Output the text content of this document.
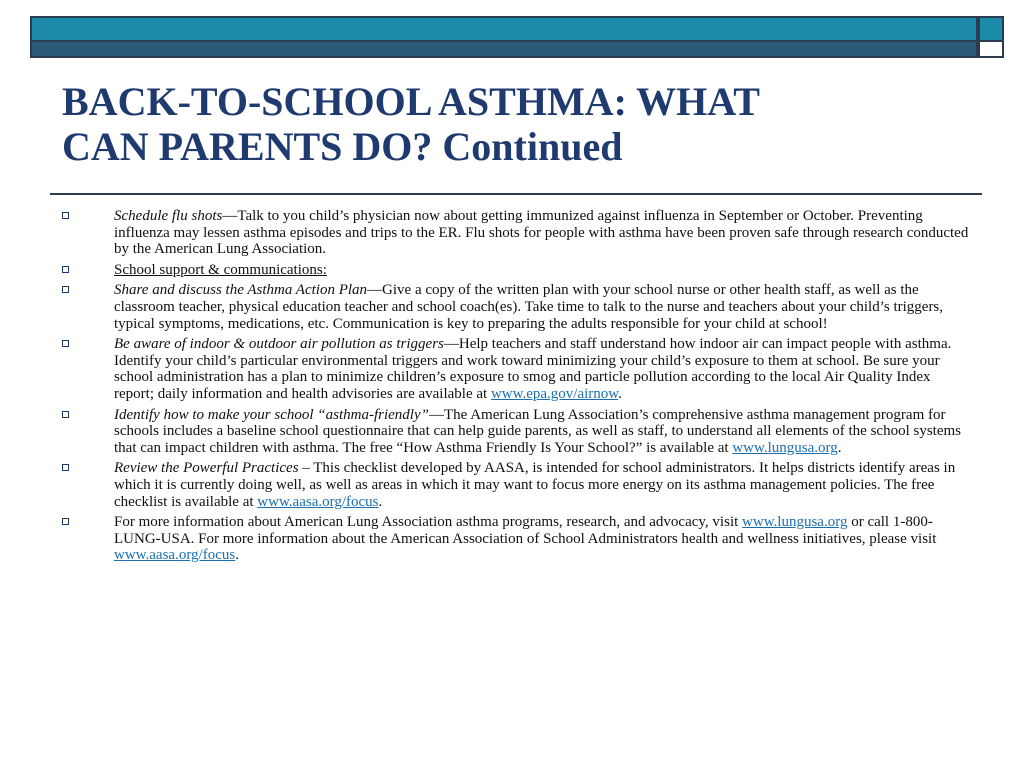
BACK-TO-SCHOOL ASTHMA: WHAT
CAN PARENTS DO? Continued
Schedule flu shots—Talk to you child’s physician now about getting immunized against influenza in September or October. Preventing influenza may lessen asthma episodes and trips to the ER. Flu shots for people with asthma have been proven safe through research conducted by the American Lung Association.
School support & communications:
Share and discuss the Asthma Action Plan—Give a copy of the written plan with your school nurse or other health staff, as well as the classroom teacher, physical education teacher and school coach(es). Take time to talk to the nurse and teachers about your child’s triggers, typical symptoms, medications, etc. Communication is key to preparing the adults responsible for your child at school!
Be aware of indoor & outdoor air pollution as triggers—Help teachers and staff understand how indoor air can impact people with asthma. Identify your child’s particular environmental triggers and work toward minimizing your child’s exposure to them at school. Be sure your school administration has a plan to minimize children’s exposure to smog and particle pollution according to the local Air Quality Index report; daily information and health advisories are available at www.epa.gov/airnow.
Identify how to make your school “asthma-friendly”—The American Lung Association’s comprehensive asthma management program for schools includes a baseline school questionnaire that can help guide parents, as well as staff, to understand all elements of the school systems that can impact children with asthma. The free “How Asthma Friendly Is Your School?” is available at www.lungusa.org.
Review the Powerful Practices – This checklist developed by AASA, is intended for school administrators. It helps districts identify areas in which it is currently doing well, as well as areas in which it may want to focus more energy on its asthma management policies. The free checklist is available at www.aasa.org/focus.
For more information about American Lung Association asthma programs, research, and advocacy, visit www.lungusa.org or call 1-800-LUNG-USA. For more information about the American Association of School Administrators health and wellness initiatives, please visit www.aasa.org/focus.
